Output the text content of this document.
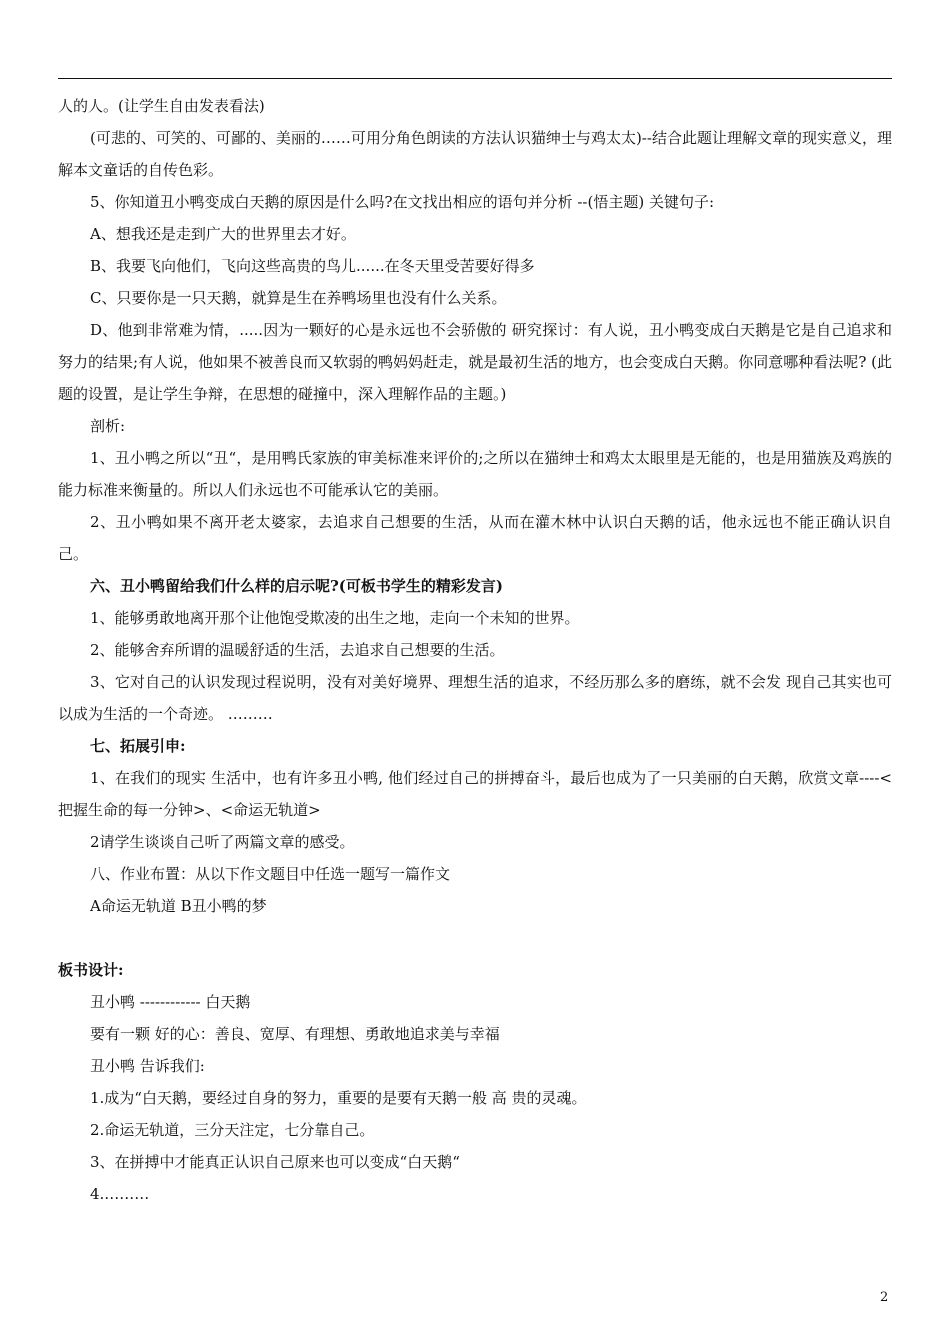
人的人。(让学生自由发表看法)

(可悲的、可笑的、可鄙的、美丽的……可用分角色朗读的方法认识猫绅士与鸡太太)--结合此题让理解文章的现实意义，理解本文童话的自传色彩。

5、你知道丑小鸭变成白天鹅的原因是什么吗?在文找出相应的语句并分析 --(悟主题) 关键句子:

A、想我还是走到广大的世界里去才好。

B、我要飞向他们，飞向这些高贵的鸟儿......在冬天里受苦要好得多

C、只要你是一只天鹅，就算是生在养鸭场里也没有什么关系。

D、他到非常难为情，.....因为一颗好的心是永远也不会骄傲的 研究探讨：有人说，丑小鸭变成白天鹅是它是自己追求和努力的结果;有人说，他如果不被善良而又软弱的鸭妈妈赶走，就是最初生活的地方，也会变成白天鹅。你同意哪种看法呢? (此题的设置，是让学生争辩，在思想的碰撞中，深入理解作品的主题。)

剖析:

1、丑小鸭之所以“丑“，是用鸭氏家族的审美标准来评价的;之所以在猫绅士和鸡太太眼里是无能的，也是用猫族及鸡族的能力标准来衡量的。所以人们永远也不可能承认它的美丽。

2、丑小鸭如果不离开老太婆家，去追求自己想要的生活，从而在灌木林中认识白天鹅的话，他永远也不能正确认识自己。

六、丑小鸭留给我们什么样的启示呢?(可板书学生的精彩发言)

1、能够勇敢地离开那个让他饱受欺凌的出生之地，走向一个未知的世界。

2、能够舍弃所谓的温暖舒适的生活，去追求自己想要的生活。

3、它对自己的认识发现过程说明，没有对美好境界、理想生活的追求，不经历那么多的磨练，就不会发 现自己其实也可以成为生活的一个奇迹。 ………

七、拓展引申:

1、在我们的现实 生活中，也有许多丑小鸭, 他们经过自己的拼搏奋斗，最后也成为了一只美丽的白天鹅，欣赏文章----<把握生命的每一分钟>、<命运无轨道>

2请学生谈谈自己听了两篇文章的感受。

八、作业布置：从以下作文题目中任选一题写一篇作文

A命运无轨道 B丑小鸭的梦

板书设计:

丑小鸭 ------------ 白天鹅

要有一颗 好的心：善良、宽厚、有理想、勇敢地追求美与幸福

丑小鸭 告诉我们:

1.成为“白天鹅，要经过自身的努力，重要的是要有天鹅一般 高 贵的灵魂。

2.命运无轨道，三分天注定，七分靠自己。

3、在拼搏中才能真正认识自己原来也可以变成“白天鹅“

4.………

2
